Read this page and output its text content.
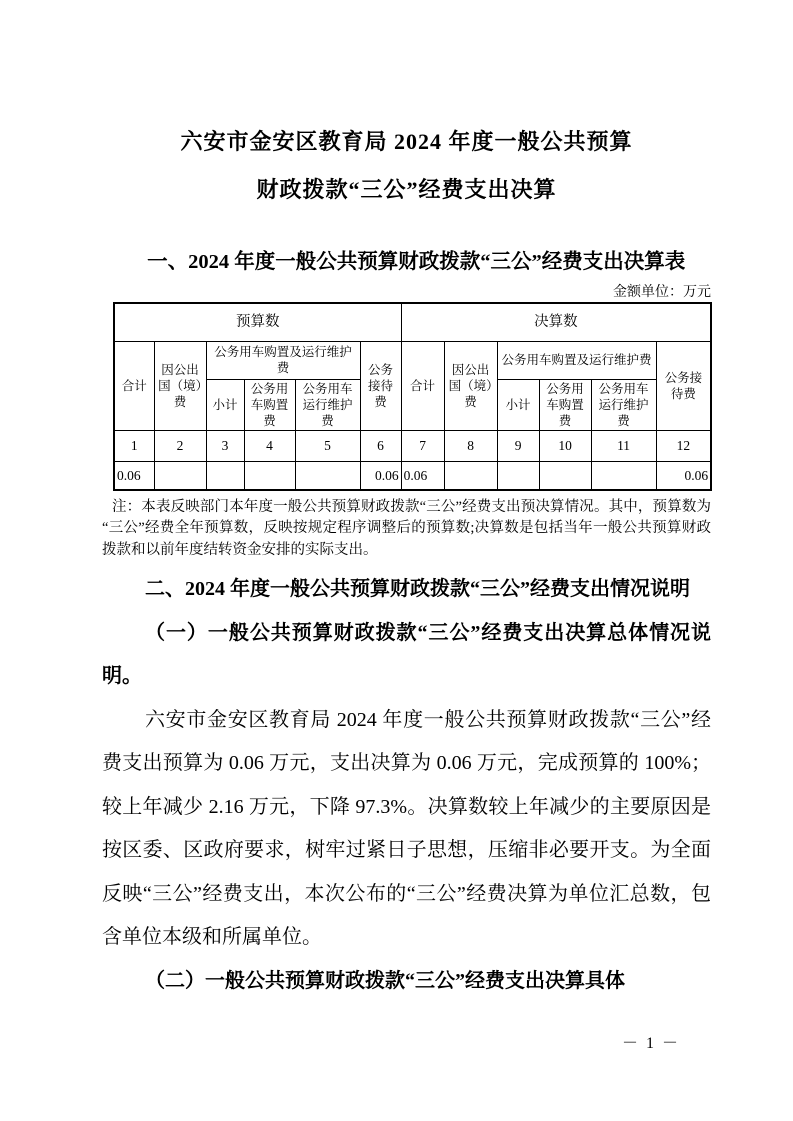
六安市金安区教育局 2024 年度一般公共预算
财政拨款“三公”经费支出决算

一、2024 年度一般公共预算财政拨款“三公”经费支出决算表

金额单位：万元

预算数						决算数					
合计	因公出国（境）费	公务用车购置及运行维护费			公务接待费	合计	因公出国（境）费	公务用车购置及运行维护费			公务接待费
		小计	公务用车购置费	公务用车运行维护费				小计	公务用车购置费	公务用车运行维护费	
1	2	3	4	5	6	7	8	9	10	11	12
0.06					0.06	0.06					0.06

注：本表反映部门本年度一般公共预算财政拨款“三公”经费支出预决算情况。其中，预算数为“三公”经费全年预算数，反映按规定程序调整后的预算数;决算数是包括当年一般公共预算财政拨款和以前年度结转资金安排的实际支出。

二、2024 年度一般公共预算财政拨款“三公”经费支出情况说明

（一）一般公共预算财政拨款“三公”经费支出决算总体情况说明。

六安市金安区教育局 2024 年度一般公共预算财政拨款“三公”经费支出预算为 0.06 万元，支出决算为 0.06 万元，完成预算的 100%；较上年减少 2.16 万元，下降 97.3%。决算数较上年减少的主要原因是按区委、区政府要求，树牢过紧日子思想，压缩非必要开支。为全面反映“三公”经费支出，本次公布的“三公”经费决算为单位汇总数，包含单位本级和所属单位。

（二）一般公共预算财政拨款“三公”经费支出决算具体

－ 1 －
